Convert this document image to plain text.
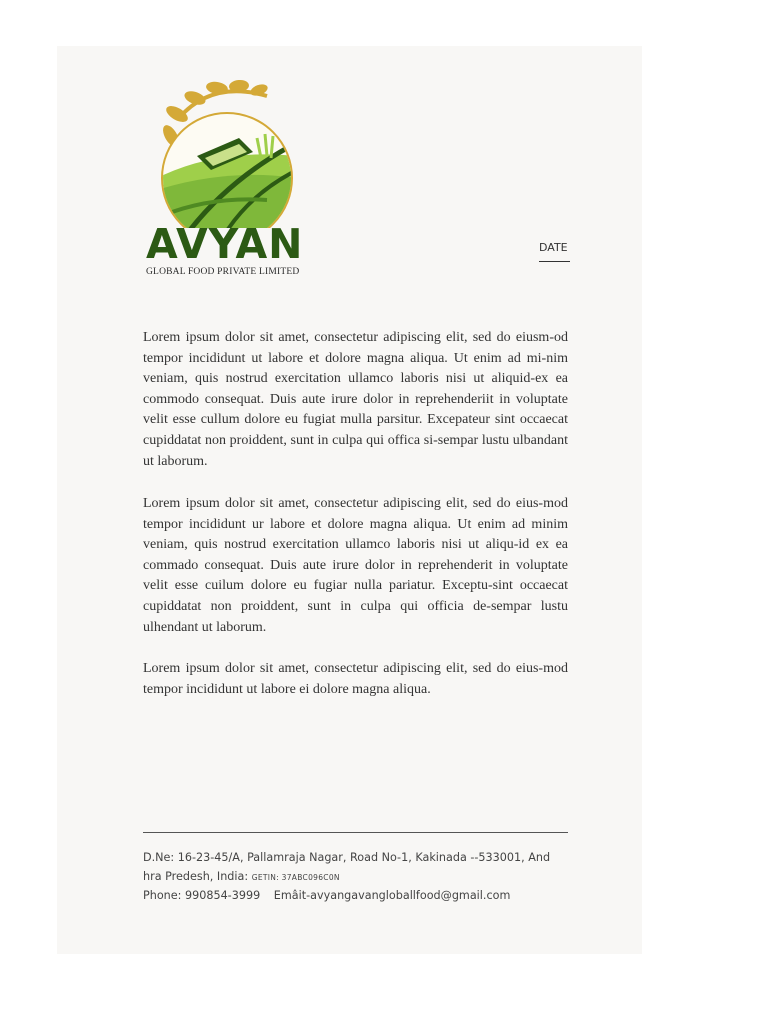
AVYAN
GLOBAL FOOD PRIVATE LIMITED
DATE

Lorem ipsum dolor sit amet, consectetur adipiscing elit, sed do eiusm-od tempor incididunt ut labore et dolore magna aliqua. Ut enim ad mi-nim veniam, quis nostrud exercitation ullamco laboris nisi ut aliquid-ex ea commodo consequat. Duis aute irure dolor in reprehenderiit in voluptate velit esse cullum dolore eu fugiat mulla parsitur. Excepateur sint occaecat cupiddatat non proiddent, sunt in culpa qui offica si-sempar lustu ulbandant ut laborum.

Lorem ipsum dolor sit amet, consectetur adipiscing elit, sed do eius-mod tempor incididunt ur labore et dolore magna aliqua. Ut enim ad minim veniam, quis nostrud exercitation ullamco laboris nisi ut aliqu-id ex ea commado consequat. Duis aute irure dolor in reprehenderit in voluptate velit esse cuilum dolore eu fugiar nulla pariatur. Exceptu-sint occaecat cupiddatat non proiddent, sunt in culpa qui officia de-sempar lustu ulhendant ut laborum.

Lorem ipsum dolor sit amet, consectetur adipiscing elit, sed do eius-mod tempor incididunt ut labore ei dolore magna aliqua.

D.Ne: 16-23-45/A, Pallamraja Nagar, Road No-1, Kakinada --533001, And
hra Predesh, India: GETIN: 37ABC096C0N
Phone: 990854-3999 Emâit-avyangavangloballfood@gmail.com
